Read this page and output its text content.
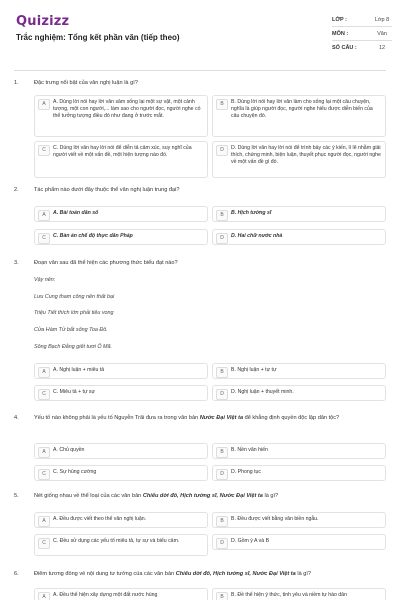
Quizizz
Trắc nghiệm: Tổng kết phần văn (tiếp theo)
LỚP :	Lớp 8
MÔN :	Văn
SỐ CÂU :	12
1.	Đặc trưng nổi bật của văn nghị luận là gì?
A	A. Dùng lời nói hay lời văn sâm sống lại một sự vật, một cảnh tượng, một con người,... làm sao cho người đọc, người nghe có thể tưởng tượng điều đó như đang ở trước mắt.
B	B. Dùng lời nói hay lời văn làm cho sống lại một câu chuyện, nghĩa là giúp người đọc, người nghe hiểu được diễn biến của câu chuyện đó.
C	C. Dùng lời văn hay lời nói để diễn tả cảm xúc, suy nghĩ của người viết về một vấn đề, một hiện tượng nào đó.
D	D. Dùng lời văn hay lời nói để trình bày các ý kiến, lí lẽ nhằm giải thích, chứng minh, biện luận, thuyết phục người đọc, người nghe về một vấn đề gì đó.
2.	Tác phẩm nào dưới đây thuộc thể văn nghị luận trung đại?
A	A. Bài toán dân số	B	B. Hịch tướng sĩ
C	C. Bàn án chế độ thực dân Pháp	D	D. Hai chữ nước nhà
3.	Đoạn văn sau đã thể hiện các phương thức biểu đạt nào?
Vậy nên:
Lưu Cung tham công nên thất bại
Triệu Tiết thích lớn phải tiêu vong
Cửa Hàm Tử bắt sống Toa Đô.
Sông Bạch Đằng giết tươi Ô Mã.
A	A. Nghị luận + miêu tả	B	B. Nghị luận + tự tự
C	C. Miêu tả + tự sự	D	D. Nghị luận + thuyết minh.
4.	Yếu tố nào không phải là yếu tố Nguyễn Trãi đưa ra trong văn bản Nước Đại Việt ta để khẳng định quyền độc lập dân tộc?
A	A. Chủ quyền	B	B. Nền văn hiến
C	C. Sự hùng cường	D	D. Phong tục
5.	Nét giống nhau về thể loại của các văn bản Chiếu dời đô, Hịch tướng sĩ, Nước Đại Việt ta là gì?
A	A. Đều được viết theo thể văn nghị luận.	B	B. Đều được viết bằng văn biền ngẫu.
C	C. Đều sử dụng các yếu tố miêu tả, tự sự và biểu cảm.	D	D. Gồm ý A và B
6.	Điểm tương đồng về nội dung tư tưởng của các văn bản Chiếu dời đô, Hịch tướng sĩ, Nước Đại Việt ta là gì?
A	A. Đều thể hiện xây dựng một đất nước hùng	B	B. Đề thể hiện ý thức, tinh yêu và niềm tự hào dân
